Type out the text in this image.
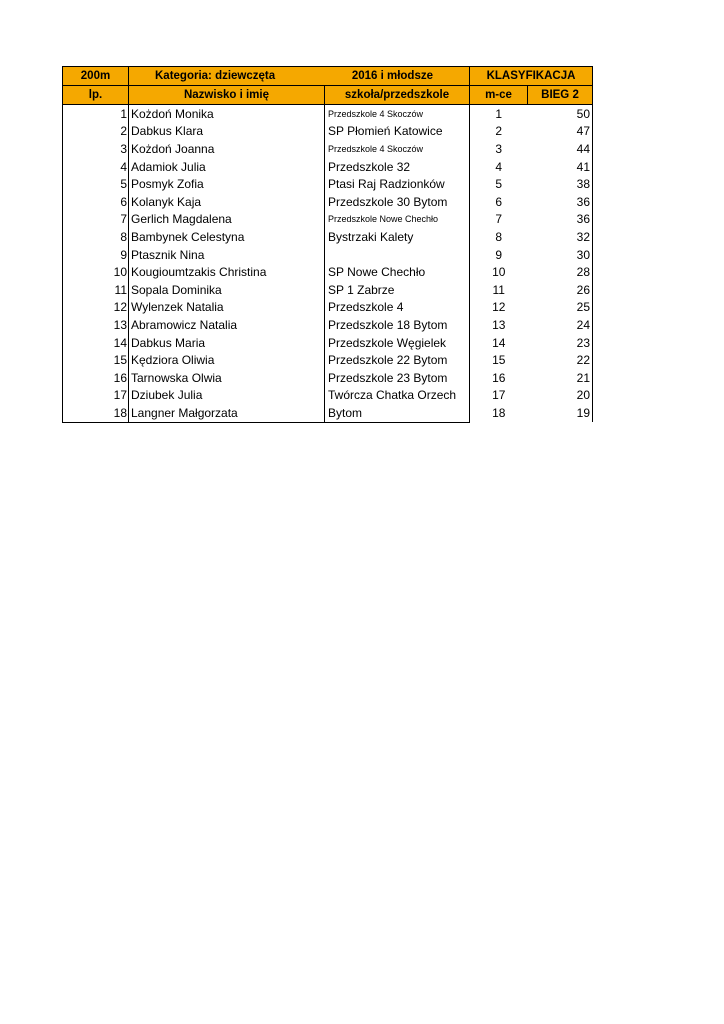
200m	Kategoria: dziewczęta 2016 i młodsze		KLASYFIKACJA	
lp.	Nazwisko i imię	szkoła/przedszkole	m-ce	BIEG 2
1	Kożdoń Monika	Przedszkole 4 Skoczów	1	50
2	Dabkus Klara	SP Płomień Katowice	2	47
3	Kożdoń Joanna	Przedszkole 4 Skoczów	3	44
4	Adamiok Julia	Przedszkole 32	4	41
5	Posmyk Zofia	Ptasi Raj Radzionków	5	38
6	Kolanyk Kaja	Przedszkole 30 Bytom	6	36
7	Gerlich Magdalena	Przedszkole Nowe Chechło	7	36
8	Bambynek Celestyna	Bystrzaki Kalety	8	32
9	Ptasznik Nina		9	30
10	Kougioumtzakis Christina	SP Nowe Chechło	10	28
11	Sopala Dominika	SP 1 Zabrze	11	26
12	Wylenzek Natalia	Przedszkole 4	12	25
13	Abramowicz Natalia	Przedszkole 18 Bytom	13	24
14	Dabkus Maria	Przedszkole Węgielek	14	23
15	Kędziora Oliwia	Przedszkole 22 Bytom	15	22
16	Tarnowska Olwia	Przedszkole 23 Bytom	16	21
17	Dziubek Julia	Twórcza Chatka Orzech	17	20
18	Langner Małgorzata	Bytom	18	19
